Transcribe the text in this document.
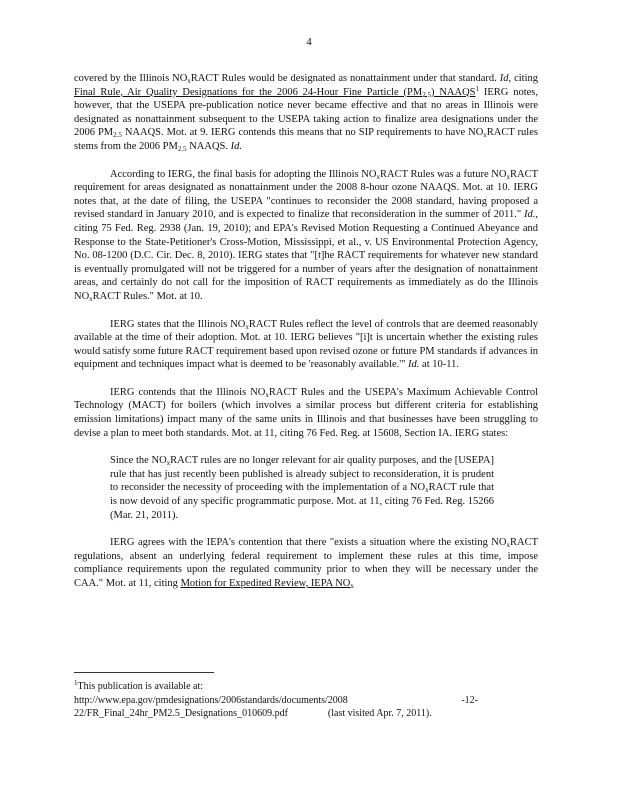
4

covered by the Illinois $NO_xRACT$ Rules would be designated as nonattainment under that standard. Id, citing Final Rule, Air Quality Designations for the 2006 24-Hour Fine Particle $(PM_{2.5})$ NAAQS$^1$ IERG notes, however, that the USEPA pre-publication notice never became effective and that no areas in Illinois were designated as nonattainment subsequent to the USEPA taking action to finalize area designations under the 2006 $PM_{2.5}$ NAAQS. Mot. at 9. IERG contends this means that no SIP requirements to have $NO_xRACT$ rules stems from the 2006 $PM_{2.5}$ NAAQS. Id.

According to IERG, the final basis for adopting the Illinois $NO_xRACT$ Rules was a future $NO_xRACT$ requirement for areas designated as nonattainment under the 2008 8-hour ozone NAAQS. Mot. at 10. IERG notes that, at the date of filing, the USEPA "continues to reconsider the 2008 standard, having proposed a revised standard in January 2010, and is expected to finalize that reconsideration in the summer of 2011." Id., citing 75 Fed. Reg. 2938 (Jan. 19, 2010); and EPA's Revised Motion Requesting a Continued Abeyance and Response to the State-Petitioner's Cross-Motion, Mississippi, et al., v. US Environmental Protection Agency, No. 08-1200 (D.C. Cir. Dec. 8, 2010). IERG states that "[t]he RACT requirements for whatever new standard is eventually promulgated will not be triggered for a number of years after the designation of nonattainment areas, and certainly do not call for the imposition of RACT requirements as immediately as do the Illinois $NO_xRACT$ Rules." Mot. at 10.

IERG states that the Illinois $NO_xRACT$ Rules reflect the level of controls that are deemed reasonably available at the time of their adoption. Mot. at 10. IERG believes "[i]t is uncertain whether the existing rules would satisfy some future RACT requirement based upon revised ozone or future PM standards if advances in equipment and techniques impact what is deemed to be 'reasonably available.'" Id. at 10-11.

IERG contends that the Illinois $NO_xRACT$ Rules and the USEPA's Maximum Achievable Control Technology (MACT) for boilers (which involves a similar process but different criteria for establishing emission limitations) impact many of the same units in Illinois and that businesses have been struggling to devise a plan to meet both standards. Mot. at 11, citing 76 Fed. Reg. at 15608, Section IA. IERG states:

Since the $NO_xRACT$ rules are no longer relevant for air quality purposes, and the [USEPA] rule that has just recently been published is already subject to reconsideration, it is prudent to reconsider the necessity of proceeding with the implementation of a $NO_xRACT$ rule that is now devoid of any specific programmatic purpose. Mot. at 11, citing 76 Fed. Reg. 15266 (Mar. 21, 2011).

IERG agrees with the IEPA's contention that there "exists a situation where the existing $NO_xRACT$ regulations, absent an underlying federal requirement to implement these rules at this time, impose compliance requirements upon the regulated community prior to when they will be necessary under the CAA." Mot. at 11, citing Motion for Expedited Review, IEPA $NO_x$

$^1$This publication is available at:
http://www.epa.gov/pmdesignations/2006standards/documents/2008	-12-
22/FR_Final_24hr_PM2.5_Designations_010609.pdf	(last visited Apr. 7, 2011).
